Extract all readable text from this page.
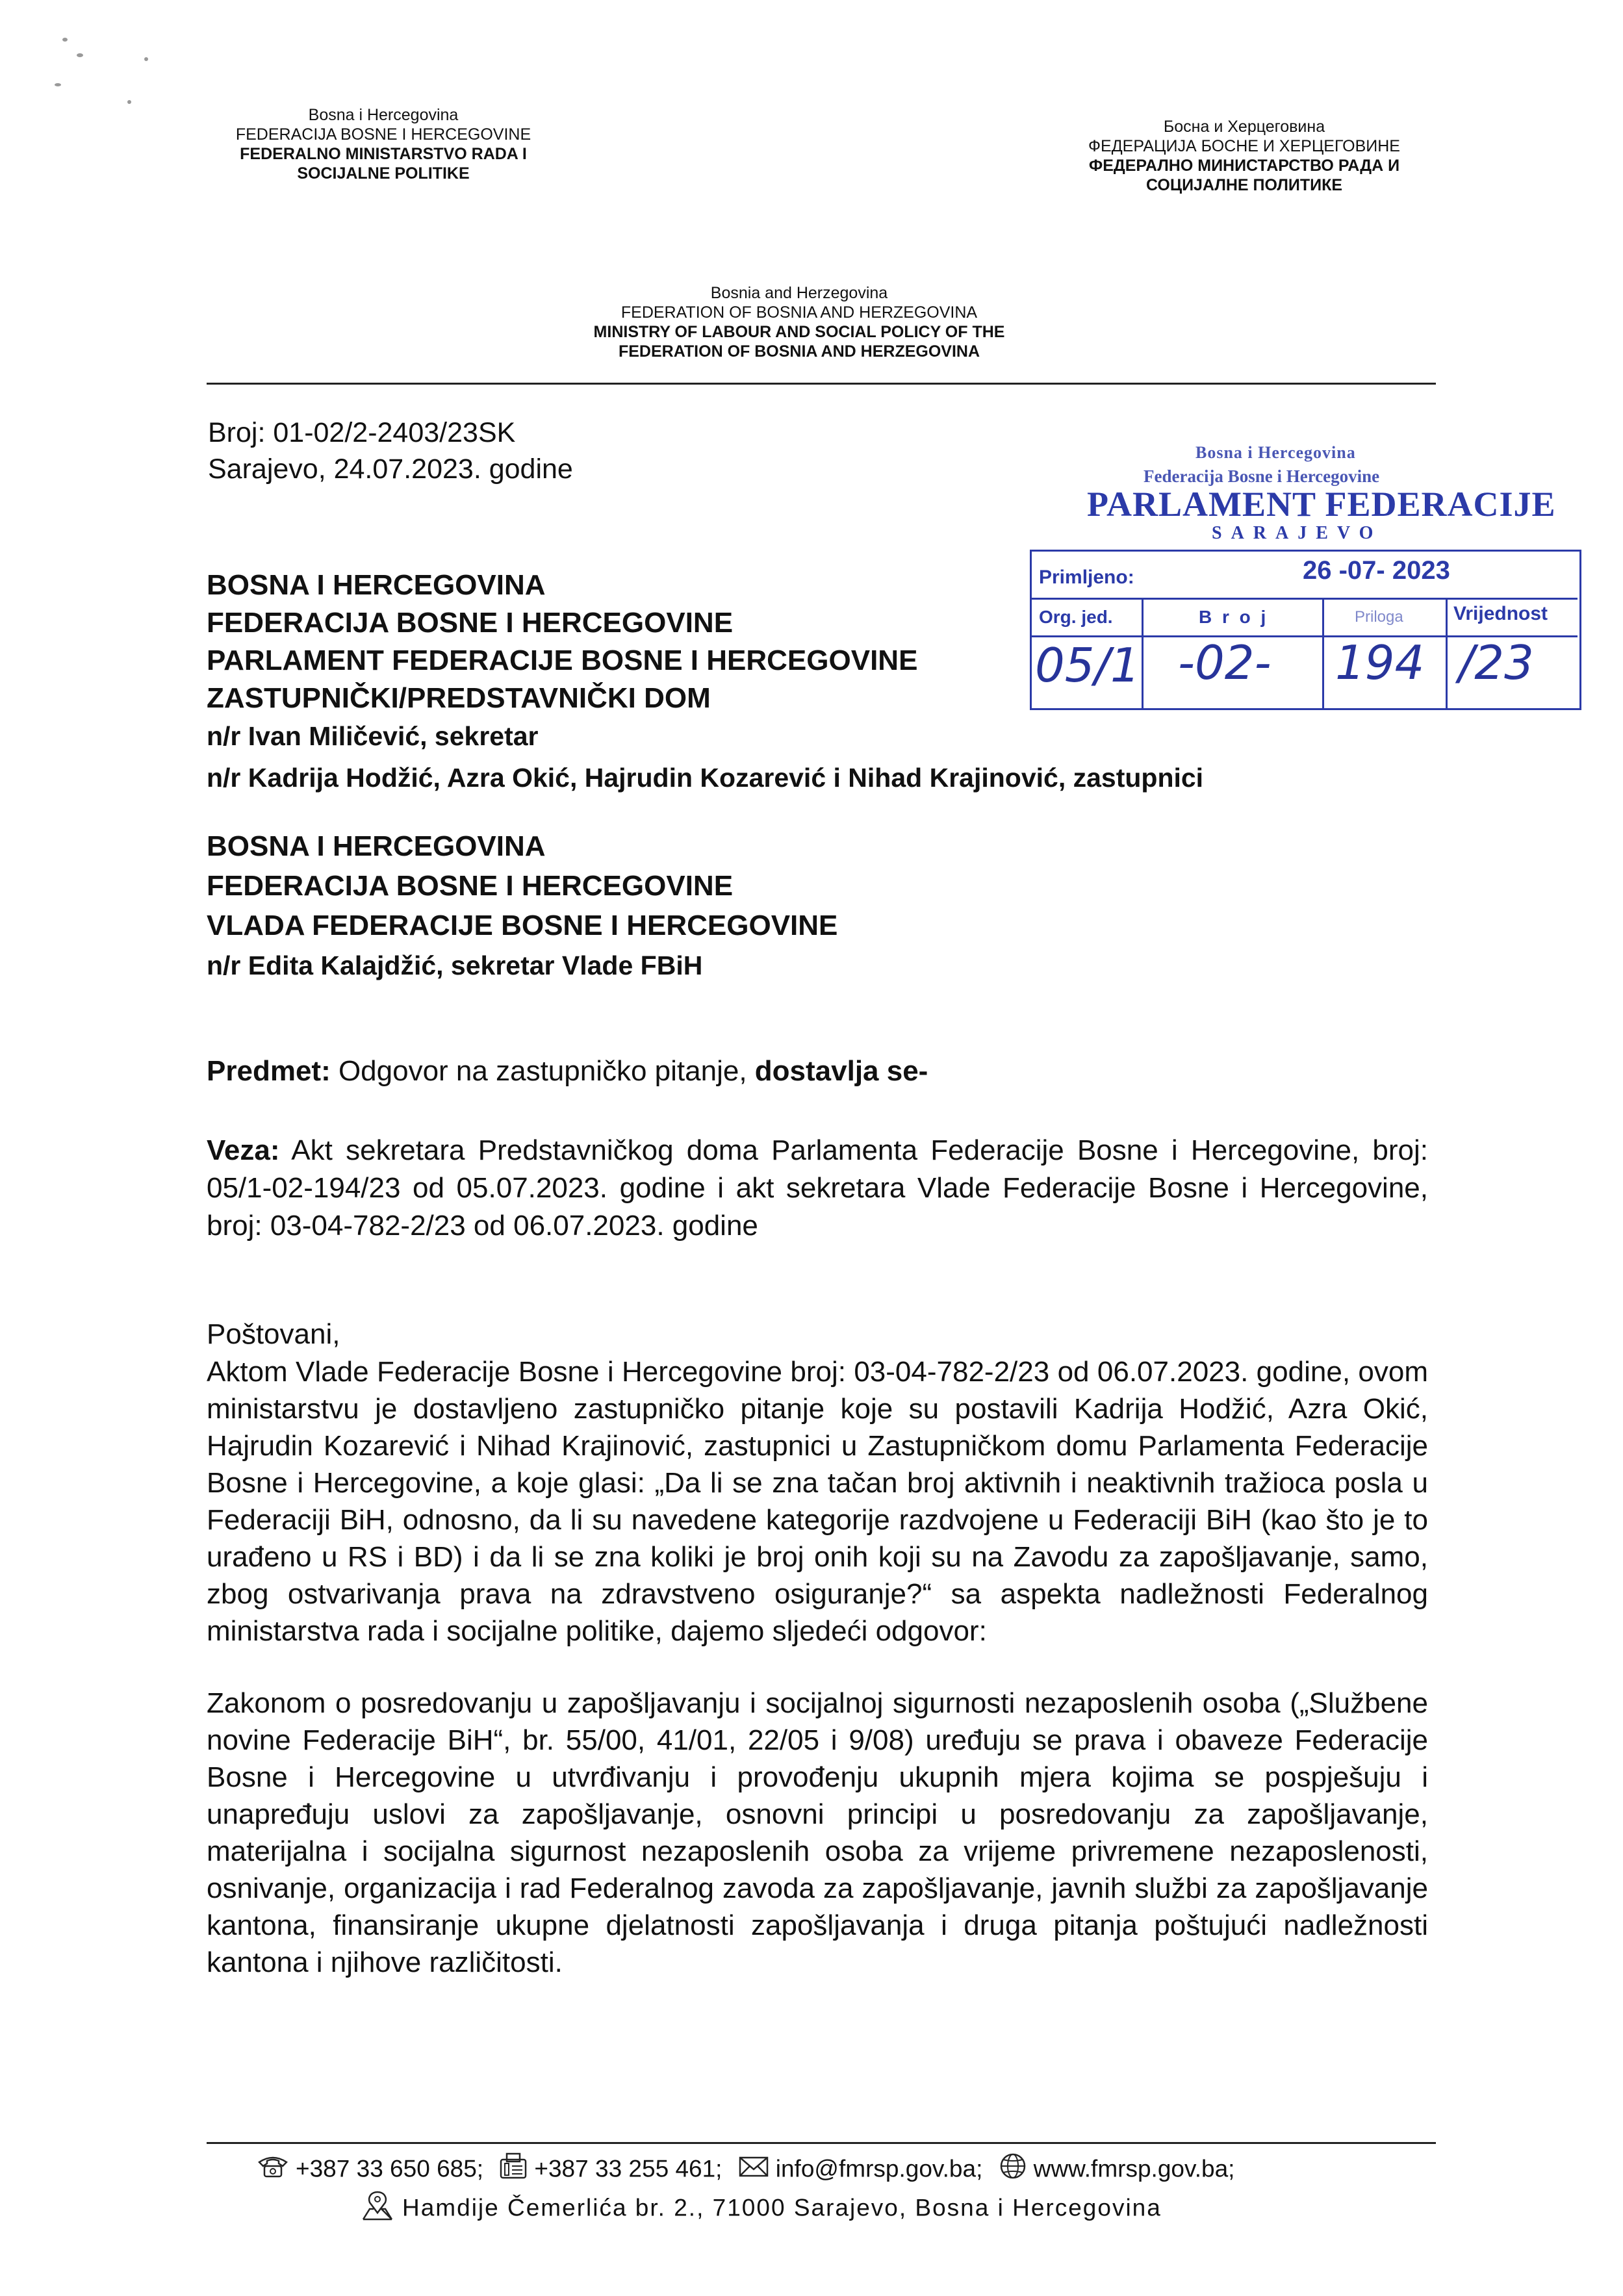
Bosna i Hercegovina
FEDERACIJA BOSNE I HERCEGOVINE
FEDERALNO MINISTARSTVO RADA I
SOCIJALNE POLITIKE
Босна и Херцеговина
ФЕДЕРАЦИЈА БОСНЕ И ХЕРЦЕГОВИНЕ
ФЕДЕРАЛНО МИНИСТАРСТВО РАДА И
СОЦИЈАЛНЕ ПОЛИТИКЕ
Bosnia and Herzegovina
FEDERATION OF BOSNIA AND HERZEGOVINA
MINISTRY OF LABOUR AND SOCIAL POLICY OF THE
FEDERATION OF BOSNIA AND HERZEGOVINA
Broj: 01-02/2-2403/23SK
Sarajevo, 24.07.2023. godine
Bosna i Hercegovina
Federacija Bosne i Hercegovine
PARLAMENT FEDERACIJE
SARAJEVO
Primljeno:	26 -07- 2023
Org. jed.	B r o j	Priloga	Vrijednost
05/1 -02- 194 /23
BOSNA I HERCEGOVINA
FEDERACIJA BOSNE I HERCEGOVINE
PARLAMENT FEDERACIJE BOSNE I HERCEGOVINE
ZASTUPNIČKI/PREDSTAVNIČKI DOM
n/r Ivan Miličević, sekretar
n/r Kadrija Hodžić, Azra Okić, Hajrudin Kozarević i Nihad Krajinović, zastupnici
BOSNA I HERCEGOVINA
FEDERACIJA BOSNE I HERCEGOVINE
VLADA FEDERACIJE BOSNE I HERCEGOVINE
n/r Edita Kalajdžić, sekretar Vlade FBiH
Predmet: Odgovor na zastupničko pitanje, dostavlja se-
Veza: Akt sekretara Predstavničkog doma Parlamenta Federacije Bosne i Hercegovine, broj: 05/1-02-194/23 od 05.07.2023. godine i akt sekretara Vlade Federacije Bosne i Hercegovine, broj: 03-04-782-2/23 od 06.07.2023. godine
Poštovani,
Aktom Vlade Federacije Bosne i Hercegovine broj: 03-04-782-2/23 od 06.07.2023. godine, ovom ministarstvu je dostavljeno zastupničko pitanje koje su postavili Kadrija Hodžić, Azra Okić, Hajrudin Kozarević i Nihad Krajinović, zastupnici u Zastupničkom domu Parlamenta Federacije Bosne i Hercegovine, a koje glasi: „Da li se zna tačan broj aktivnih i neaktivnih tražioca posla u Federaciji BiH, odnosno, da li su navedene kategorije razdvojene u Federaciji BiH (kao što je to urađeno u RS i BD) i da li se zna koliki je broj onih koji su na Zavodu za zapošljavanje, samo, zbog ostvarivanja prava na zdravstveno osiguranje?“ sa aspekta nadležnosti Federalnog ministarstva rada i socijalne politike, dajemo sljedeći odgovor:
Zakonom o posredovanju u zapošljavanju i socijalnoj sigurnosti nezaposlenih osoba („Službene novine Federacije BiH“, br. 55/00, 41/01, 22/05 i 9/08) uređuju se prava i obaveze Federacije Bosne i Hercegovine u utvrđivanju i provođenju ukupnih mjera kojima se pospješuju i unapređuju uslovi za zapošljavanje, osnovni principi u posredovanju za zapošljavanje, materijalna i socijalna sigurnost nezaposlenih osoba za vrijeme privremene nezaposlenosti, osnivanje, organizacija i rad Federalnog zavoda za zapošljavanje, javnih službi za zapošljavanje kantona, finansiranje ukupne djelatnosti zapošljavanja i druga pitanja poštujući nadležnosti kantona i njihove različitosti.
+387 33 650 685; +387 33 255 461; info@fmrsp.gov.ba; www.fmrsp.gov.ba;
Hamdije Čemerlića br. 2., 71000 Sarajevo, Bosna i Hercegovina
